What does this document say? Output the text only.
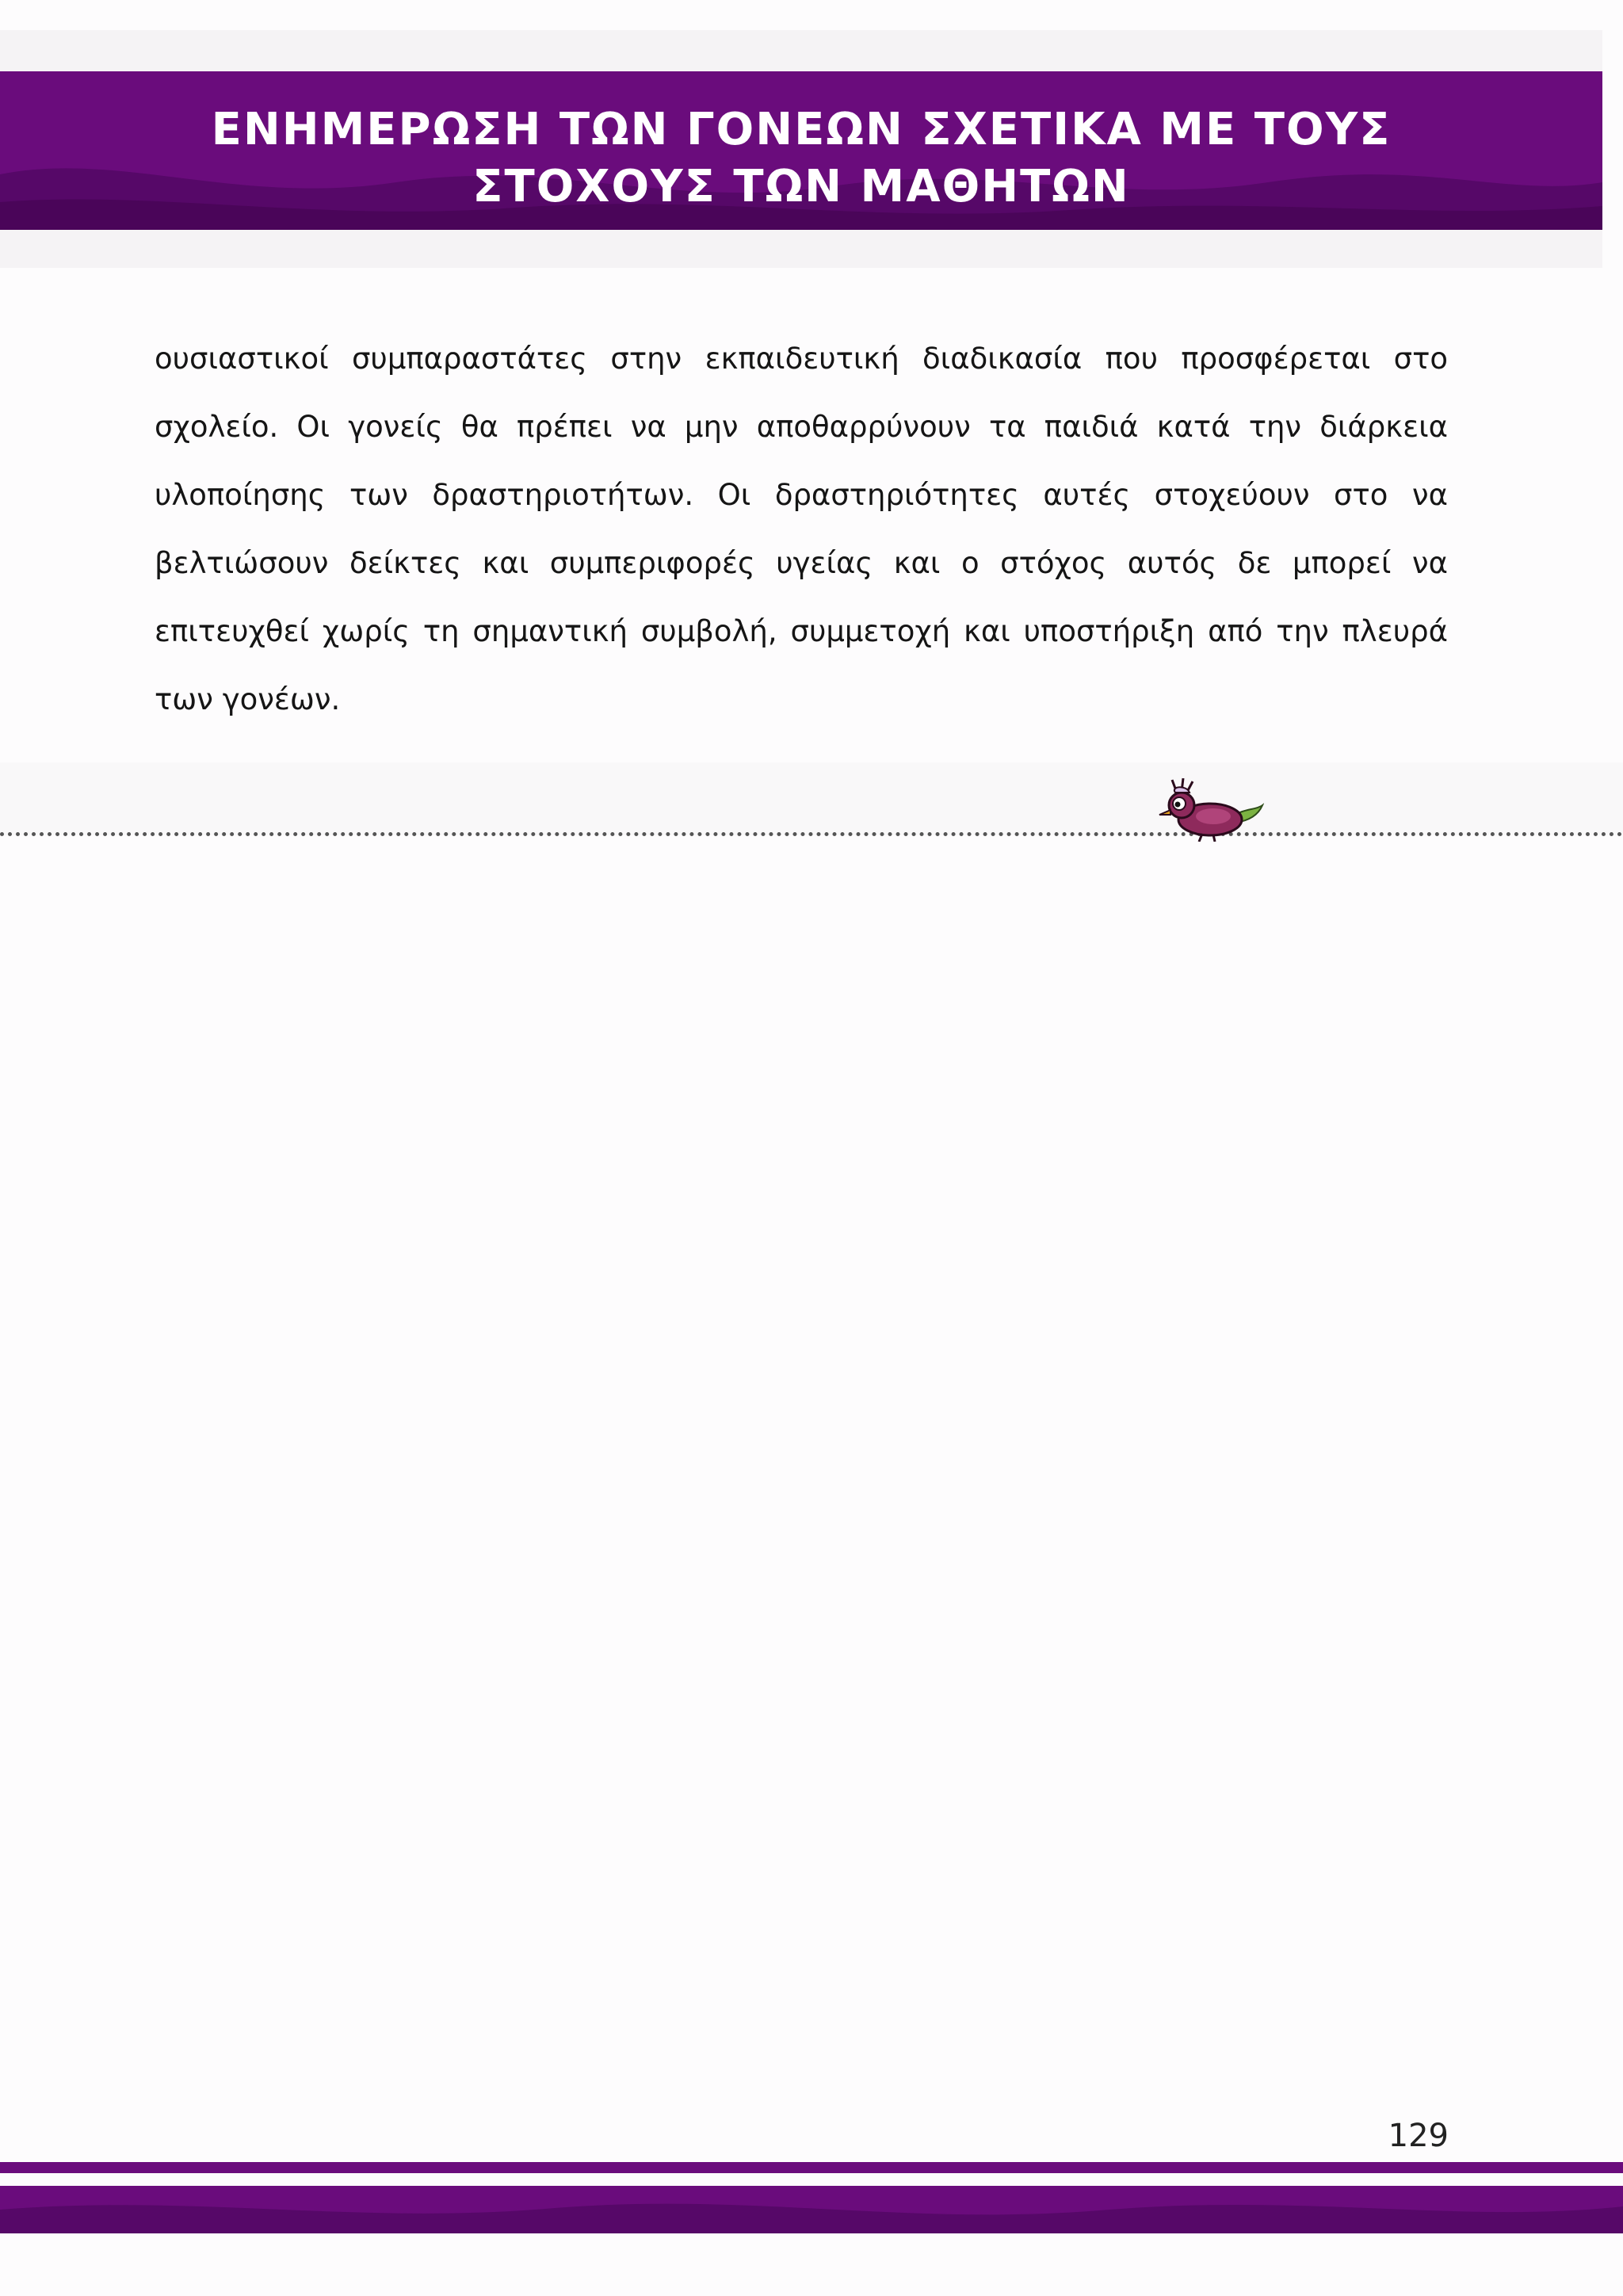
ΕΝΗΜΕΡΩΣΗ ΤΩΝ ΓΟΝΕΩΝ ΣΧΕΤΙΚΑ ΜΕ ΤΟΥΣ
ΣΤΟΧΟΥΣ ΤΩΝ ΜΑΘΗΤΩΝ

ουσιαστικοί συμπαραστάτες στην εκπαιδευτική διαδικασία που προσφέρεται στο σχολείο. Οι γονείς θα πρέπει να μην αποθαρρύνουν τα παιδιά κατά την διάρκεια υλοποίησης των δραστηριοτήτων. Οι δραστηριότητες αυτές στοχεύουν στο να βελτιώσουν δείκτες και συμπεριφορές υγείας και ο στόχος αυτός δε μπορεί να επιτευχθεί χωρίς τη σημαντική συμβολή, συμμετοχή και υποστήριξη από την πλευρά των γονέων.

129
